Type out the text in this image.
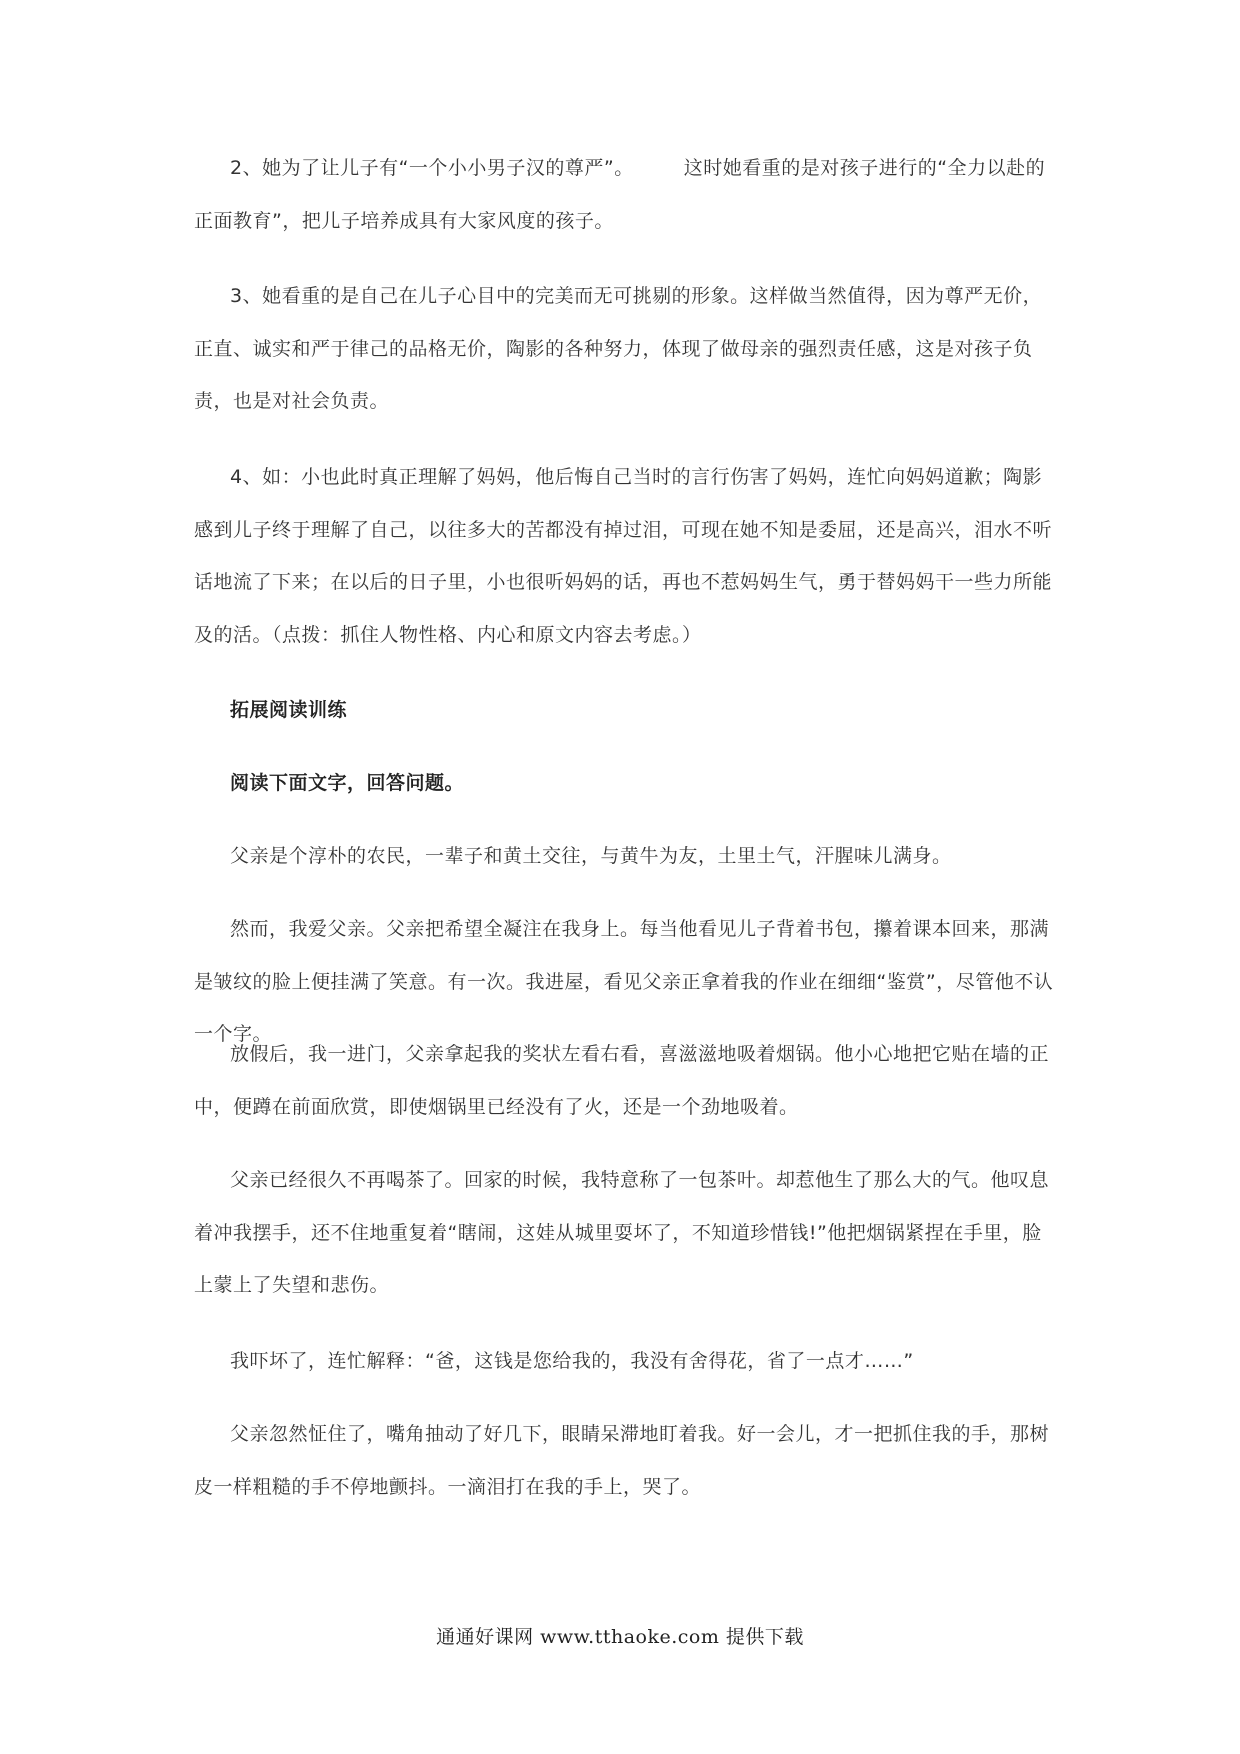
2、她为了让儿子有“一个小小男子汉的尊严”。	这时她看重的是对孩子进行的“全力以赴的正面教育”，把儿子培养成具有大家风度的孩子。

3、她看重的是自己在儿子心目中的完美而无可挑剔的形象。这样做当然值得，因为尊严无价，正直、诚实和严于律己的品格无价，陶影的各种努力，体现了做母亲的强烈责任感，这是对孩子负责，也是对社会负责。

4、如：小也此时真正理解了妈妈，他后悔自己当时的言行伤害了妈妈，连忙向妈妈道歉；陶影感到儿子终于理解了自己，以往多大的苦都没有掉过泪，可现在她不知是委屈，还是高兴，泪水不听话地流了下来；在以后的日子里，小也很听妈妈的话，再也不惹妈妈生气，勇于替妈妈干一些力所能及的活。（点拨：抓住人物性格、内心和原文内容去考虑。）

拓展阅读训练

阅读下面文字，回答问题。

父亲是个淳朴的农民，一辈子和黄土交往，与黄牛为友，土里土气，汗腥味儿满身。

然而，我爱父亲。父亲把希望全凝注在我身上。每当他看见儿子背着书包，攥着课本回来，那满是皱纹的脸上便挂满了笑意。有一次。我进屋，看见父亲正拿着我的作业在细细“鉴赏”，尽管他不认一个字。

放假后，我一进门，父亲拿起我的奖状左看右看，喜滋滋地吸着烟锅。他小心地把它贴在墙的正中，便蹲在前面欣赏，即使烟锅里已经没有了火，还是一个劲地吸着。

父亲已经很久不再喝茶了。回家的时候，我特意称了一包茶叶。却惹他生了那么大的气。他叹息着冲我摆手，还不住地重复着“瞎闹，这娃从城里耍坏了，不知道珍惜钱!”他把烟锅紧捏在手里，脸上蒙上了失望和悲伤。

我吓坏了，连忙解释：“爸，这钱是您给我的，我没有舍得花，省了一点才……”

父亲忽然怔住了，嘴角抽动了好几下，眼睛呆滞地盯着我。好一会儿，才一把抓住我的手，那树皮一样粗糙的手不停地颤抖。一滴泪打在我的手上，哭了。

通通好课网 www.tthaoke.com 提供下载
